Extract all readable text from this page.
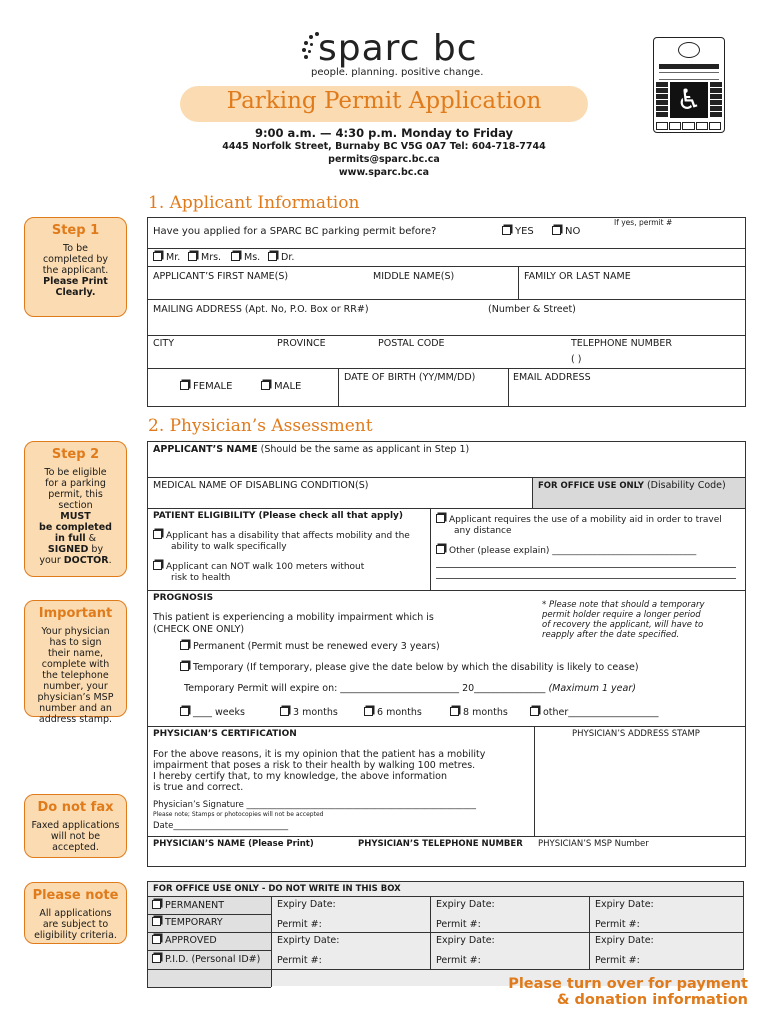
sparc bc
people. planning. positive change.
Parking Permit Application
9:00 a.m. — 4:30 p.m. Monday to Friday
4445 Norfolk Street, Burnaby BC V5G 0A7 Tel: 604-718-7744
permits@sparc.bc.ca
www.sparc.bc.ca
♿
1. Applicant Information
Step 1
To be
completed by
the applicant.
Please Print
Clearly.
Have you applied for a SPARC BC parking permit before?	YES	NO
If yes, permit #
Mr.	Mrs.	Ms.	Dr.
APPLICANT’S FIRST NAME(S)	MIDDLE NAME(S)	FAMILY OR LAST NAME
MAILING ADDRESS (Apt. No, P.O. Box or RR#)	(Number & Street)
CITY	PROVINCE	POSTAL CODE	TELEPHONE NUMBER
( )
FEMALE	MALE
DATE OF BIRTH (YY/MM/DD)	EMAIL ADDRESS
2. Physician’s Assessment
Step 2
To be eligible
for a parking
permit, this
section
MUST
be completed
in full &
SIGNED by
your DOCTOR.
Important
Your physician
has to sign
their name,
complete with
the telephone
number, your
physician’s MSP
number and an
address stamp.
Do not fax
Faxed applications
will not be
accepted.
Please note
All applications
are subject to
eligibility criteria.
APPLICANT’S NAME (Should be the same as applicant in Step 1)
MEDICAL NAME OF DISABLING CONDITION(S)	FOR OFFICE USE ONLY (Disability Code)
PATIENT ELIGIBILITY (Please check all that apply)
Applicant has a disability that affects mobility and the
ability to walk specifically
Applicant can NOT walk 100 meters without
risk to health
Applicant requires the use of a mobility aid in order to travel
any distance
Other (please explain) ________________________________
PROGNOSIS
This patient is experiencing a mobility impairment which is
(CHECK ONE ONLY)
* Please note that should a temporary
permit holder require a longer period
of recovery the applicant, will have to
reapply after the date specified.
Permanent (Permit must be renewed every 3 years)
Temporary (If temporary, please give the date below by which the disability is likely to cease)
Temporary Permit will expire on: _________________________ 20_______________ (Maximum 1 year)
____ weeks	3 months	6 months	8 months	other___________________
PHYSICIAN’S CERTIFICATION
For the above reasons, it is my opinion that the patient has a mobility
impairment that poses a risk to their health by walking 100 metres.
I hereby certify that, to my knowledge, the above information
is true and correct.
Physician’s Signature ______________________________________________________
Please note; Stamps or photocopies will not be accepted
Date___________________________
PHYSICIAN’S ADDRESS STAMP
PHYSICIAN’S NAME (Please Print)	PHYSICIAN’S TELEPHONE NUMBER PHYSICIAN’S MSP Number
FOR OFFICE USE ONLY - DO NOT WRITE IN THIS BOX
PERMANENT
TEMPORARY
APPROVED
P.I.D. (Personal ID#)
Expiry Date:	Expiry Date:	Expiry Date:
Permit #:	Permit #:	Permit #:
Expirty Date:	Expiry Date:	Expiry Date:
Permit #:	Permit #:	Permit #:
Please turn over for payment
& donation information
